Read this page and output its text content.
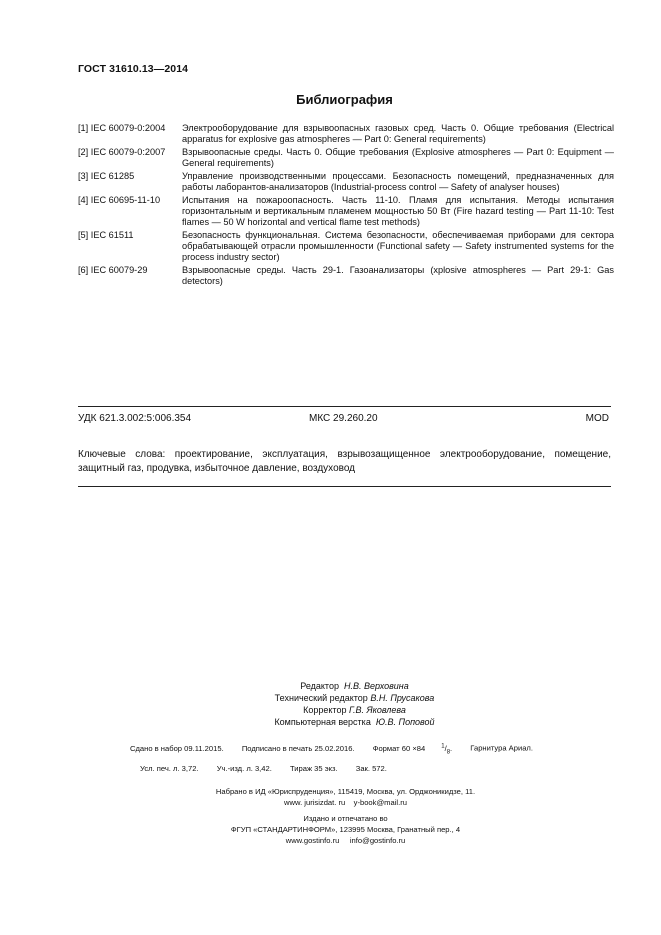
ГОСТ 31610.13—2014
Библиография
[1] IEC 60079-0:2004	Электрооборудование для взрывоопасных газовых сред. Часть 0. Общие требования (Electrical apparatus for explosive gas atmospheres — Part 0: General requirements)
[2] IEC 60079-0:2007	Взрывоопасные среды. Часть 0. Общие требования (Explosive atmospheres — Part 0: Equipment — General requirements)
[3] IEC 61285	Управление производственными процессами. Безопасность помещений, предназначенных для работы лаборантов-анализаторов (Industrial-process control — Safety of analyser houses)
[4] IEC 60695-11-10	Испытания на пожароопасность. Часть 11-10. Пламя для испытания. Методы испытания горизонтальным и вертикальным пламенем мощностью 50 Вт (Fire hazard testing — Part 11-10: Test flames — 50 W horizontal and vertical flame test methods)
[5] IEC 61511	Безопасность функциональная. Система безопасности, обеспечиваемая приборами для сектора обрабатывающей отрасли промышленности (Functional safety — Safety instrumented systems for the process industry sector)
[6] IEC 60079-29	Взрывоопасные среды. Часть 29-1. Газоанализаторы (xplosive atmospheres — Part 29-1: Gas detectors)
УДК 621.3.002:5:006.354	МКС 29.260.20	MOD
Ключевые слова: проектирование, эксплуатация, взрывозащищенное электрооборудование, помещение, защитный газ, продувка, избыточное давление, воздуховод
Редактор Н.В. Верховина
Технический редактор В.Н. Прусакова
Корректор Г.В. Яковлева
Компьютерная верстка Ю.В. Поповой
Сдано в набор 09.11.2015. Подписано в печать 25.02.2016. Формат 60 ×84	$^1/_8$. Гарнитура Ариал.
Усл. печ. л. 3,72. Уч.-изд. л. 3,42. Тираж 35 экз. Зак. 572.
Набрано в ИД «Юриспруденция», 115419, Москва, ул. Орджоникидзе, 11.
www. jurisizdat. ru    y-book@mail.ru
Издано и отпечатано во
ФГУП «СТАНДАРТИНФОРМ», 123995 Москва, Гранатный пер., 4
www.gostinfo.ru     info@gostinfo.ru
